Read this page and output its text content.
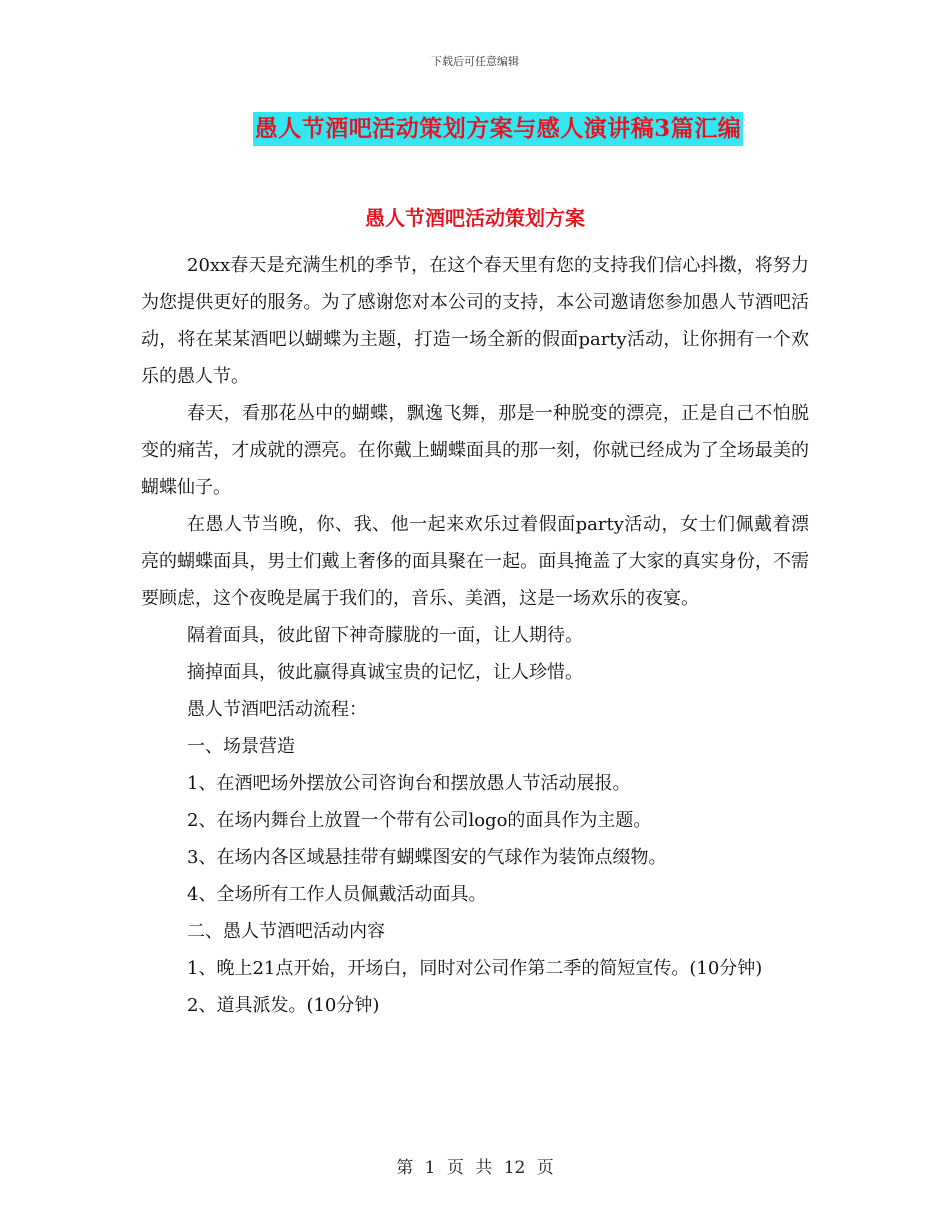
下载后可任意编辑
愚人节酒吧活动策划方案与感人演讲稿3篇汇编
愚人节酒吧活动策划方案

20xx春天是充满生机的季节，在这个春天里有您的支持我们信心抖擞，将努力为您提供更好的服务。为了感谢您对本公司的支持，本公司邀请您参加愚人节酒吧活动，将在某某酒吧以蝴蝶为主题，打造一场全新的假面party活动，让你拥有一个欢乐的愚人节。

春天，看那花丛中的蝴蝶，飘逸飞舞，那是一种脱变的漂亮，正是自己不怕脱变的痛苦，才成就的漂亮。在你戴上蝴蝶面具的那一刻，你就已经成为了全场最美的蝴蝶仙子。

在愚人节当晚，你、我、他一起来欢乐过着假面party活动，女士们佩戴着漂亮的蝴蝶面具，男士们戴上奢侈的面具聚在一起。面具掩盖了大家的真实身份，不需要顾虑，这个夜晚是属于我们的，音乐、美酒，这是一场欢乐的夜宴。

隔着面具，彼此留下神奇朦胧的一面，让人期待。

摘掉面具，彼此赢得真诚宝贵的记忆，让人珍惜。

愚人节酒吧活动流程：

一、场景营造

1、在酒吧场外摆放公司咨询台和摆放愚人节活动展报。

2、在场内舞台上放置一个带有公司logo的面具作为主题。

3、在场内各区域悬挂带有蝴蝶图安的气球作为装饰点缀物。

4、全场所有工作人员佩戴活动面具。

二、愚人节酒吧活动内容

1、晚上21点开始，开场白，同时对公司作第二季的简短宣传。(10分钟)

2、道具派发。(10分钟)

第 1 页 共 12 页
